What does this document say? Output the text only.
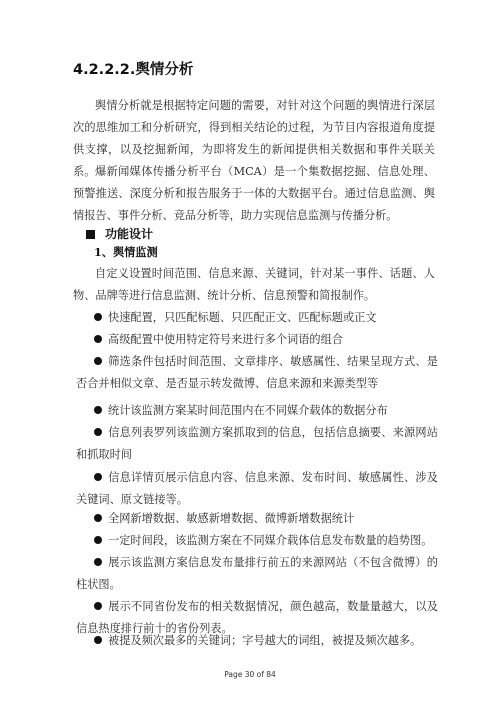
4.2.2.2.舆情分析
舆情分析就是根据特定问题的需要，对针对这个问题的舆情进行深层次的思维加工和分析研究，得到相关结论的过程，为节目内容报道角度提供支撑，以及挖掘新闻，为即将发生的新闻提供相关数据和事件关联关系。 爆新闻媒体传播分析平台（MCA）是一个集数据挖掘、信息处理、预警推送、深度分析和报告服务于一体的大数据平台。通过信息监测、舆情报告、事件分析、竞品分析等，助力实现信息监测与传播分析。
功能设计
1、舆情监测
自定义设置时间范围、信息来源、关键词，针对某一事件、话题、人物、品牌等进行信息监测、统计分析、信息预警和简报制作。
快速配置，只匹配标题、只匹配正文、匹配标题或正文
高级配置中使用特定符号来进行多个词语的组合
筛选条件包括时间范围、文章排序、敏感属性、结果呈现方式、是否合并相似文章、是否显示转发微博、信息来源和来源类型等
统计该监测方案某时间范围内在不同媒介载体的数据分布
信息列表罗列该监测方案抓取到的信息，包括信息摘要、来源网站和抓取时间
信息详情页展示信息内容、信息来源、发布时间、敏感属性、涉及关键词、原文链接等。
全网新增数据、敏感新增数据、微博新增数据统计
一定时间段，该监测方案在不同媒介载体信息发布数量的趋势图。
展示该监测方案信息发布量排行前五的来源网站（不包含微博）的柱状图。
展示不同省份发布的相关数据情况，颜色越高，数量量越大，以及信息热度排行前十的省份列表。
被提及频次最多的关键词；字号越大的词组，被提及频次越多。
Page 30 of 84
